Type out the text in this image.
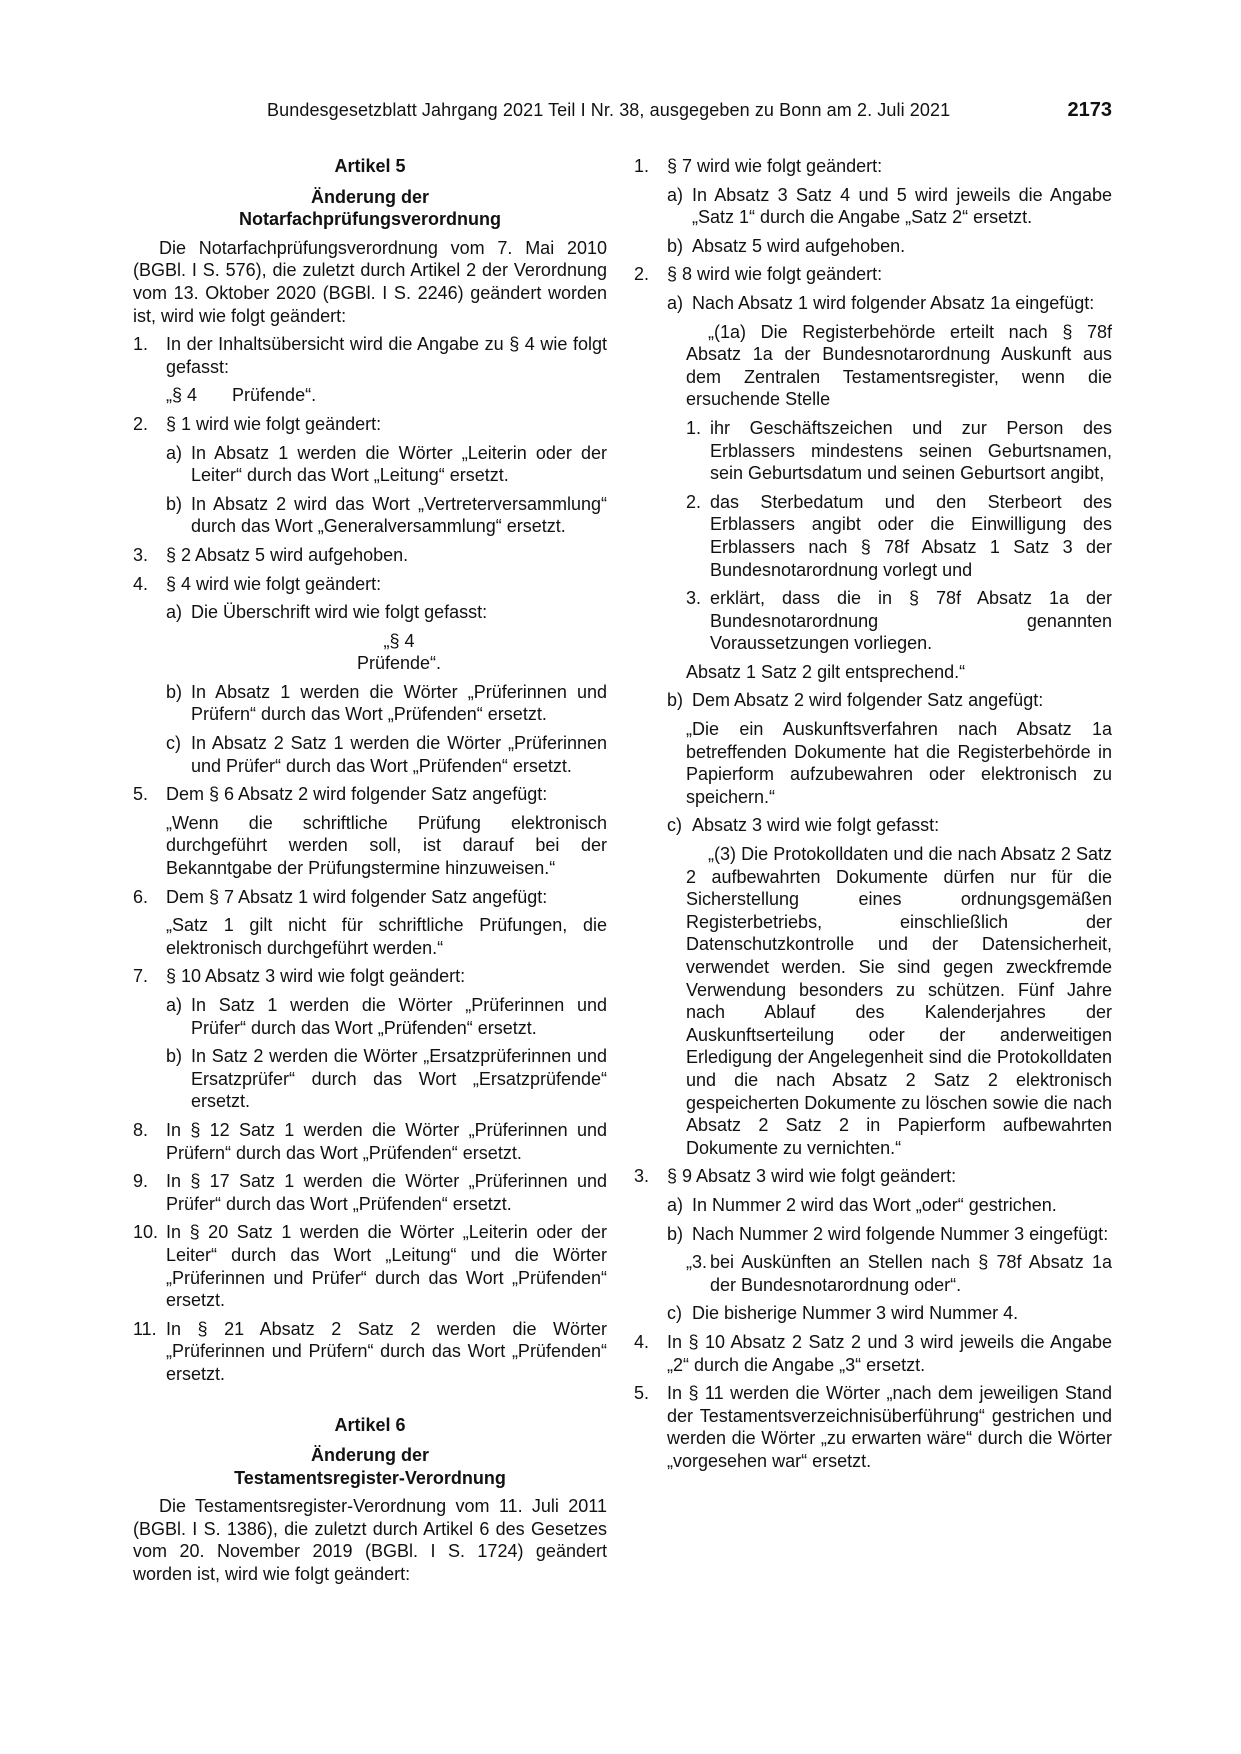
Bundesgesetzblatt Jahrgang 2021 Teil I Nr. 38, ausgegeben zu Bonn am 2. Juli 2021	2173
Artikel 5
Änderung der
Notarfachprüfungsverordnung

Die Notarfachprüfungsverordnung vom 7. Mai 2010 (BGBl. I S. 576), die zuletzt durch Artikel 2 der Verordnung vom 13. Oktober 2020 (BGBl. I S. 2246) geändert worden ist, wird wie folgt geändert:

1. In der Inhaltsübersicht wird die Angabe zu § 4 wie folgt gefasst:
„§ 4       Prüfende“.
2. § 1 wird wie folgt geändert:
a) In Absatz 1 werden die Wörter „Leiterin oder der Leiter“ durch das Wort „Leitung“ ersetzt.
b) In Absatz 2 wird das Wort „Vertreterversammlung“ durch das Wort „Generalversammlung“ ersetzt.
3. § 2 Absatz 5 wird aufgehoben.
4. § 4 wird wie folgt geändert:
a) Die Überschrift wird wie folgt gefasst:
„§ 4
Prüfende“.
b) In Absatz 1 werden die Wörter „Prüferinnen und Prüfern“ durch das Wort „Prüfenden“ ersetzt.
c) In Absatz 2 Satz 1 werden die Wörter „Prüferinnen und Prüfer“ durch das Wort „Prüfenden“ ersetzt.
5. Dem § 6 Absatz 2 wird folgender Satz angefügt:
„Wenn die schriftliche Prüfung elektronisch durchgeführt werden soll, ist darauf bei der Bekanntgabe der Prüfungstermine hinzuweisen.“
6. Dem § 7 Absatz 1 wird folgender Satz angefügt:
„Satz 1 gilt nicht für schriftliche Prüfungen, die elektronisch durchgeführt werden.“
7. § 10 Absatz 3 wird wie folgt geändert:
a) In Satz 1 werden die Wörter „Prüferinnen und Prüfer“ durch das Wort „Prüfenden“ ersetzt.
b) In Satz 2 werden die Wörter „Ersatzprüferinnen und Ersatzprüfer“ durch das Wort „Ersatzprüfende“ ersetzt.
8. In § 12 Satz 1 werden die Wörter „Prüferinnen und Prüfern“ durch das Wort „Prüfenden“ ersetzt.
9. In § 17 Satz 1 werden die Wörter „Prüferinnen und Prüfer“ durch das Wort „Prüfenden“ ersetzt.
10. In § 20 Satz 1 werden die Wörter „Leiterin oder der Leiter“ durch das Wort „Leitung“ und die Wörter „Prüferinnen und Prüfer“ durch das Wort „Prüfenden“ ersetzt.
11. In § 21 Absatz 2 Satz 2 werden die Wörter „Prüferinnen und Prüfern“ durch das Wort „Prüfenden“ ersetzt.
Artikel 6
Änderung der
Testamentsregister-Verordnung

Die Testamentsregister-Verordnung vom 11. Juli 2011 (BGBl. I S. 1386), die zuletzt durch Artikel 6 des Gesetzes vom 20. November 2019 (BGBl. I S. 1724) geändert worden ist, wird wie folgt geändert:

1. § 7 wird wie folgt geändert:
a) In Absatz 3 Satz 4 und 5 wird jeweils die Angabe „Satz 1“ durch die Angabe „Satz 2“ ersetzt.
b) Absatz 5 wird aufgehoben.
2. § 8 wird wie folgt geändert:
a) Nach Absatz 1 wird folgender Absatz 1a eingefügt:
„(1a) Die Registerbehörde erteilt nach § 78f Absatz 1a der Bundesnotarordnung Auskunft aus dem Zentralen Testamentsregister, wenn die ersuchende Stelle
1. ihr Geschäftszeichen und zur Person des Erblassers mindestens seinen Geburtsnamen, sein Geburtsdatum und seinen Geburtsort angibt,
2. das Sterbedatum und den Sterbeort des Erblassers angibt oder die Einwilligung des Erblassers nach § 78f Absatz 1 Satz 3 der Bundesnotarordnung vorlegt und
3. erklärt, dass die in § 78f Absatz 1a der Bundesnotarordnung genannten Voraussetzungen vorliegen.
Absatz 1 Satz 2 gilt entsprechend.“
b) Dem Absatz 2 wird folgender Satz angefügt:
„Die ein Auskunftsverfahren nach Absatz 1a betreffenden Dokumente hat die Registerbehörde in Papierform aufzubewahren oder elektronisch zu speichern.“
c) Absatz 3 wird wie folgt gefasst:
„(3) Die Protokolldaten und die nach Absatz 2 Satz 2 aufbewahrten Dokumente dürfen nur für die Sicherstellung eines ordnungsgemäßen Registerbetriebs, einschließlich der Datenschutzkontrolle und der Datensicherheit, verwendet werden. Sie sind gegen zweckfremde Verwendung besonders zu schützen. Fünf Jahre nach Ablauf des Kalenderjahres der Auskunftserteilung oder der anderweitigen Erledigung der Angelegenheit sind die Protokolldaten und die nach Absatz 2 Satz 2 elektronisch gespeicherten Dokumente zu löschen sowie die nach Absatz 2 Satz 2 in Papierform aufbewahrten Dokumente zu vernichten.“
3. § 9 Absatz 3 wird wie folgt geändert:
a) In Nummer 2 wird das Wort „oder“ gestrichen.
b) Nach Nummer 2 wird folgende Nummer 3 eingefügt:
„3. bei Auskünften an Stellen nach § 78f Absatz 1a der Bundesnotarordnung oder“.
c) Die bisherige Nummer 3 wird Nummer 4.
4. In § 10 Absatz 2 Satz 2 und 3 wird jeweils die Angabe „2“ durch die Angabe „3“ ersetzt.
5. In § 11 werden die Wörter „nach dem jeweiligen Stand der Testamentsverzeichnisüberführung“ gestrichen und werden die Wörter „zu erwarten wäre“ durch die Wörter „vorgesehen war“ ersetzt.
